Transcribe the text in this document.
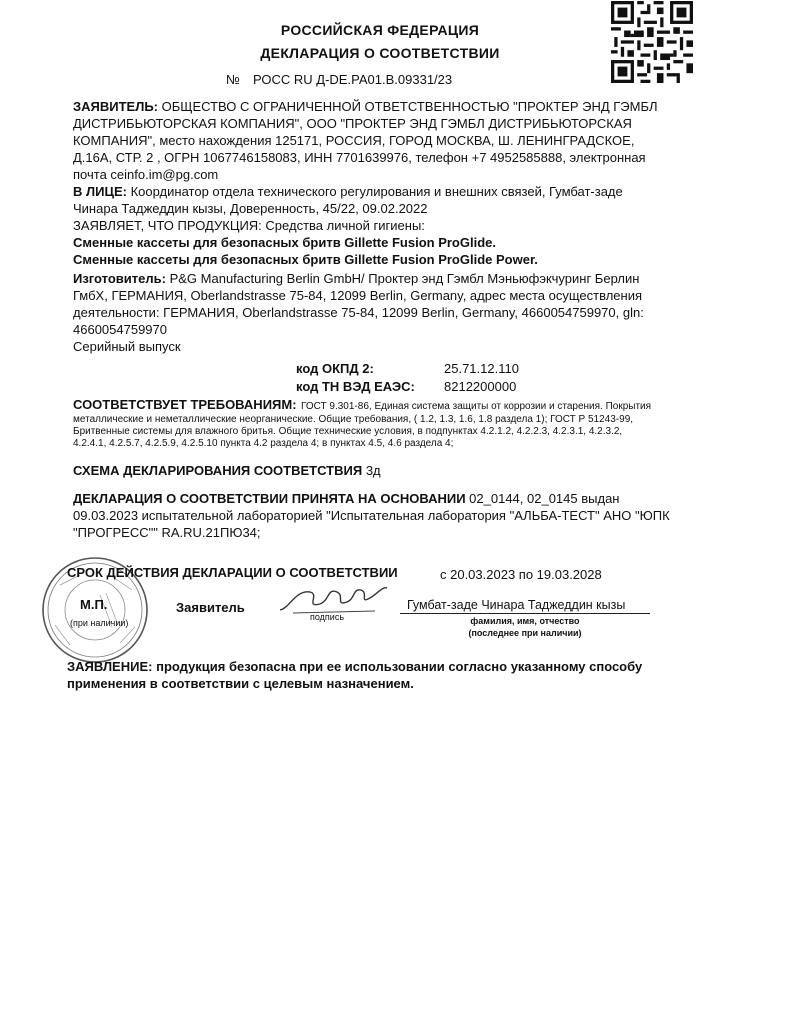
РОССИЙСКАЯ ФЕДЕРАЦИЯ
ДЕКЛАРАЦИЯ О СООТВЕТСТВИИ
№ РОСС RU Д-DE.РА01.В.09331/23
ЗАЯВИТЕЛЬ: ОБЩЕСТВО С ОГРАНИЧЕННОЙ ОТВЕТСТВЕННОСТЬЮ "ПРОКТЕР ЭНД ГЭМБЛ
ДИСТРИБЬЮТОРСКАЯ КОМПАНИЯ", ООО "ПРОКТЕР ЭНД ГЭМБЛ ДИСТРИБЬЮТОРСКАЯ
КОМПАНИЯ", место нахождения 125171, РОССИЯ, ГОРОД МОСКВА, Ш. ЛЕНИНГРАДСКОЕ,
Д.16А, СТР. 2 , ОГРН 1067746158083, ИНН 7701639976, телефон +7 4952585888, электронная
почта ceinfo.im@pg.com
В ЛИЦЕ: Координатор отдела технического регулирования и внешних связей, Гумбат-заде
Чинара Таджеддин кызы, Доверенность, 45/22, 09.02.2022
ЗАЯВЛЯЕТ, ЧТО ПРОДУКЦИЯ: Средства личной гигиены:
Сменные кассеты для безопасных бритв Gillette Fusion ProGlide.
Сменные кассеты для безопасных бритв Gillette Fusion ProGlide Power.
Изготовитель: P&G Manufacturing Berlin GmbH/ Проктер энд Гэмбл Мэньюфэкчуринг Берлин
ГмбХ, ГЕРМАНИЯ, Oberlandstrasse 75-84, 12099 Berlin, Germany, адрес места осуществления
деятельности: ГЕРМАНИЯ, Oberlandstrasse 75-84, 12099 Berlin, Germany, 4660054759970, gln:
4660054759970
Серийный выпуск
код ОКПД 2:	25.71.12.110
код ТН ВЭД ЕАЭС: 8212200000
СООТВЕТСТВУЕТ ТРЕБОВАНИЯМ: ГОСТ 9.301-86, Единая система защиты от коррозии и старения. Покрытия
металлические и неметаллические неорганические. Общие требования, ( 1.2, 1.3, 1.6, 1.8 раздела 1); ГОСТ Р 51243-99,
Бритвенные системы для влажного бритья. Общие технические условия, в подпунктах 4.2.1.2, 4.2.2.3, 4.2.3.1, 4.2.3.2,
4.2.4.1, 4.2.5.7, 4.2.5.9, 4.2.5.10 пункта 4.2 раздела 4; в пунктах 4.5, 4.6 раздела 4;
СХЕМА ДЕКЛАРИРОВАНИЯ СООТВЕТСТВИЯ 3д
ДЕКЛАРАЦИЯ О СООТВЕТСТВИИ ПРИНЯТА НА ОСНОВАНИИ 02_0144, 02_0145 выдан
09.03.2023 испытательной лабораторией "Испытательная лаборатория "АЛЬБА-ТЕСТ" АНО "ЮПК
"ПРОГРЕСС"" RA.RU.21ПЮ34;
М.П.
(при наличии)
СРОК ДЕЙСТВИЯ ДЕКЛАРАЦИИ О СООТВЕТСТВИИ	с 20.03.2023 по 19.03.2028
Заявитель
подпись
Гумбат-заде Чинара Таджеддин кызы
фамилия, имя, отчество
(последнее при наличии)
ЗАЯВЛЕНИЕ: продукция безопасна при ее использовании согласно указанному способу
применения в соответствии с целевым назначением.
